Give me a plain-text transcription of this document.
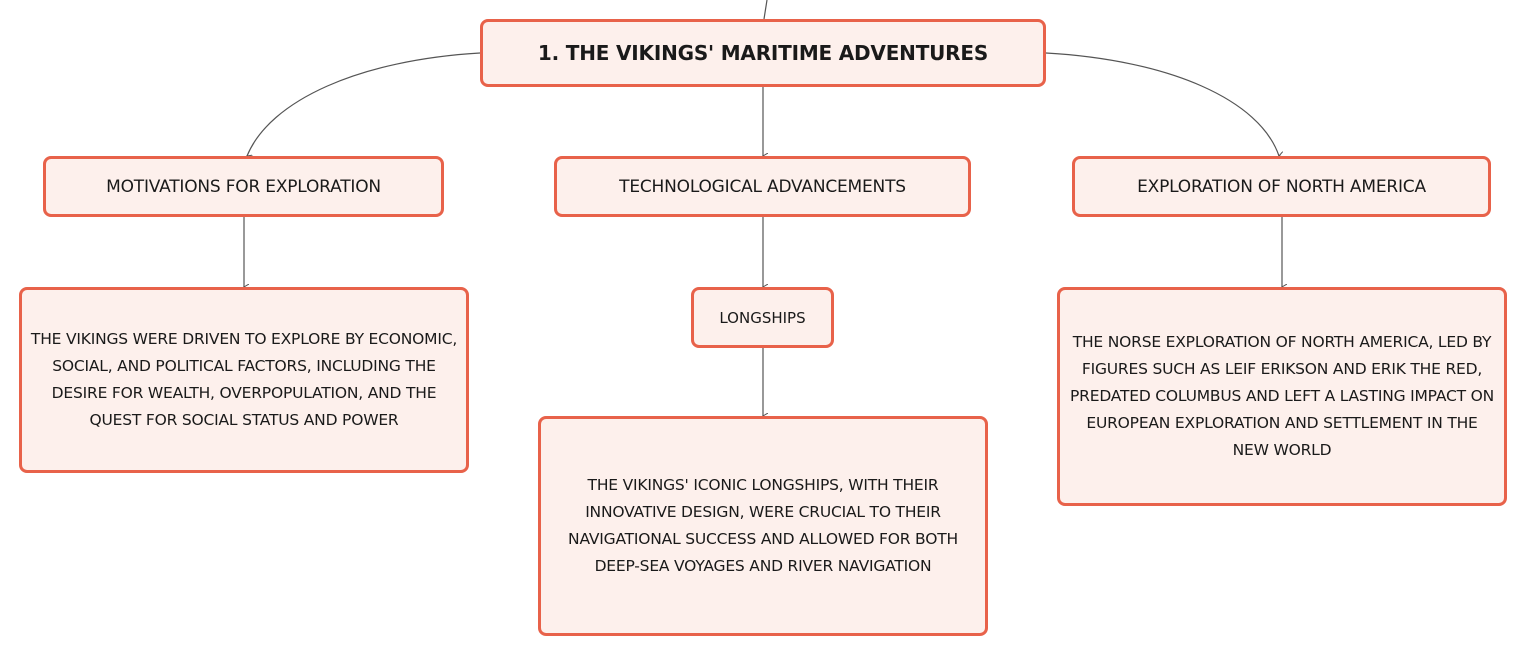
1. THE VIKINGS' MARITIME ADVENTURES
MOTIVATIONS FOR EXPLORATION	TECHNOLOGICAL ADVANCEMENTS	EXPLORATION OF NORTH AMERICA
LONGSHIPS
THE VIKINGS WERE DRIVEN TO EXPLORE BY ECONOMIC, SOCIAL, AND POLITICAL FACTORS, INCLUDING THE DESIRE FOR WEALTH, OVERPOPULATION, AND THE QUEST FOR SOCIAL STATUS AND POWER
THE VIKINGS' ICONIC LONGSHIPS, WITH THEIR INNOVATIVE DESIGN, WERE CRUCIAL TO THEIR NAVIGATIONAL SUCCESS AND ALLOWED FOR BOTH DEEP-SEA VOYAGES AND RIVER NAVIGATION
THE NORSE EXPLORATION OF NORTH AMERICA, LED BY FIGURES SUCH AS LEIF ERIKSON AND ERIK THE RED, PREDATED COLUMBUS AND LEFT A LASTING IMPACT ON EUROPEAN EXPLORATION AND SETTLEMENT IN THE NEW WORLD
